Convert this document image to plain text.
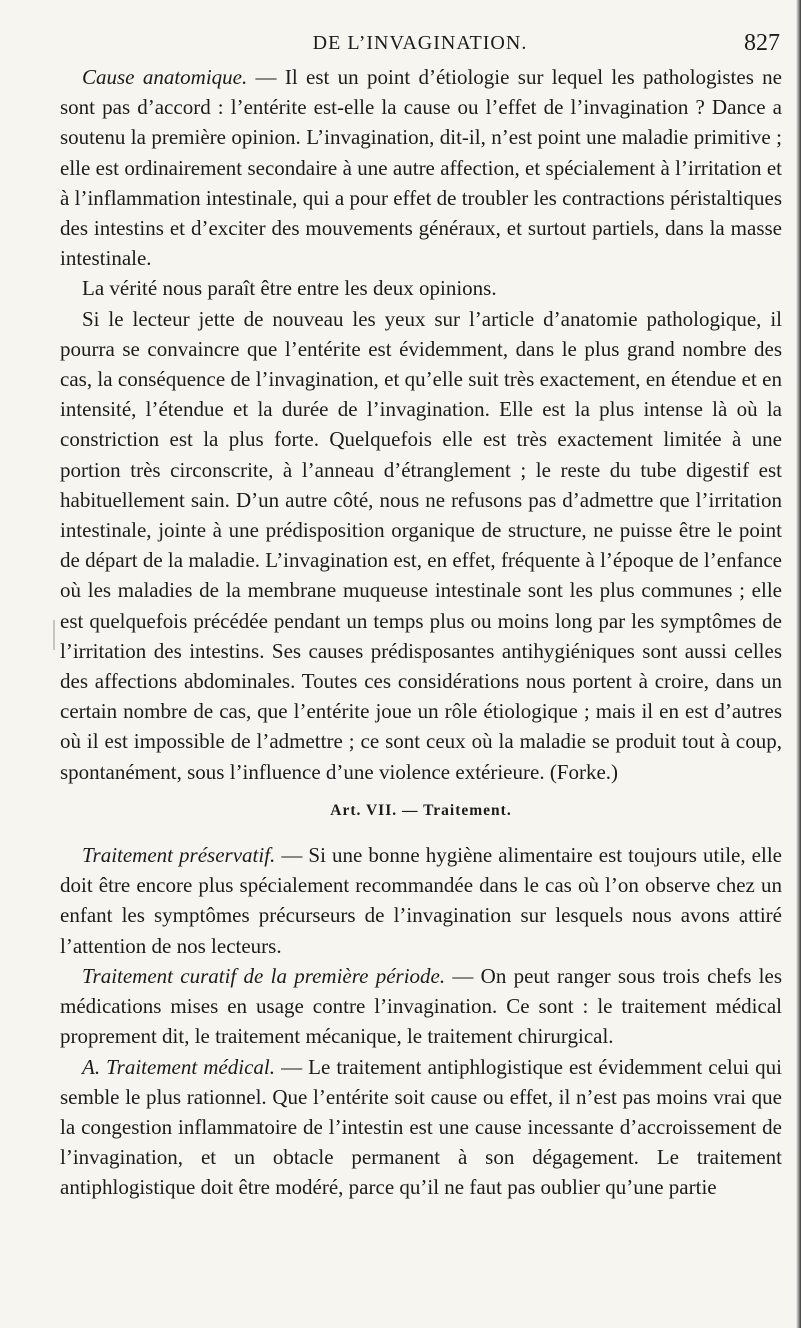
DE L’INVAGINATION.	827

Cause anatomique. — Il est un point d’étiologie sur lequel les pathologistes ne sont pas d’accord : l’entérite est-elle la cause ou l’effet de l’invagination ? Dance a soutenu la première opinion. L’invagination, dit-il, n’est point une maladie primitive ; elle est ordinairement secondaire à une autre affection, et spécialement à l’irritation et à l’inflammation intestinale, qui a pour effet de troubler les contractions péristaltiques des intestins et d’exciter des mouvements généraux, et surtout partiels, dans la masse intestinale.

La vérité nous paraît être entre les deux opinions.

Si le lecteur jette de nouveau les yeux sur l’article d’anatomie pathologique, il pourra se convaincre que l’entérite est évidemment, dans le plus grand nombre des cas, la conséquence de l’invagination, et qu’elle suit très exactement, en étendue et en intensité, l’étendue et la durée de l’invagination. Elle est la plus intense là où la constriction est la plus forte. Quelquefois elle est très exactement limitée à une portion très circonscrite, à l’anneau d’étranglement ; le reste du tube digestif est habituellement sain. D’un autre côté, nous ne refusons pas d’admettre que l’irritation intestinale, jointe à une prédisposition organique de structure, ne puisse être le point de départ de la maladie. L’invagination est, en effet, fréquente à l’époque de l’enfance où les maladies de la membrane muqueuse intestinale sont les plus communes ; elle est quelquefois précédée pendant un temps plus ou moins long par les symptômes de l’irritation des intestins. Ses causes prédisposantes antihygiéniques sont aussi celles des affections abdominales. Toutes ces considérations nous portent à croire, dans un certain nombre de cas, que l’entérite joue un rôle étiologique ; mais il en est d’autres où il est impossible de l’admettre ; ce sont ceux où la maladie se produit tout à coup, spontanément, sous l’influence d’une violence extérieure. (Forke.)

Art. VII. — Traitement.

Traitement préservatif. — Si une bonne hygiène alimentaire est toujours utile, elle doit être encore plus spécialement recommandée dans le cas où l’on observe chez un enfant les symptômes précurseurs de l’invagination sur lesquels nous avons attiré l’attention de nos lecteurs.

Traitement curatif de la première période. — On peut ranger sous trois chefs les médications mises en usage contre l’invagination. Ce sont : le traitement médical proprement dit, le traitement mécanique, le traitement chirurgical.

A. Traitement médical. — Le traitement antiphlogistique est évidemment celui qui semble le plus rationnel. Que l’entérite soit cause ou effet, il n’est pas moins vrai que la congestion inflammatoire de l’intestin est une cause incessante d’accroissement de l’invagination, et un obtacle permanent à son dégagement. Le traitement antiphlogistique doit être modéré, parce qu’il ne faut pas oublier qu’une partie
